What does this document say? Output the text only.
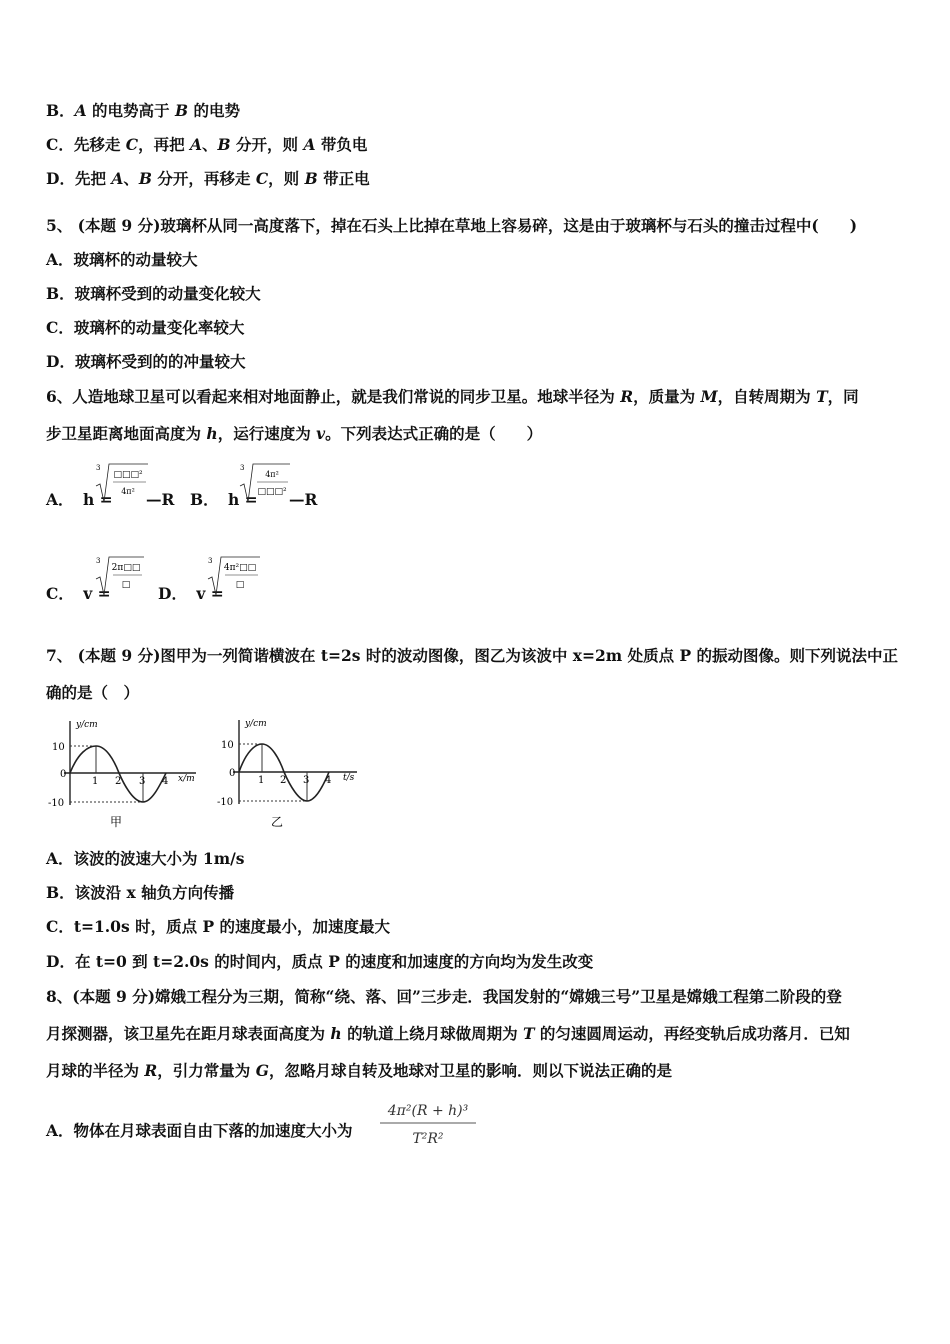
B．A 的电势高于 B 的电势
C．先移走 C，再把 A、B 分开，则 A 带负电
D．先把 A、B 分开，再移走 C，则 B 带正电
5、 (本题 9 分)玻璃杯从同一高度落下，掉在石头上比掉在草地上容易碎，这是由于玻璃杯与石头的撞击过程中(　　)
A．玻璃杯的动量较大
B．玻璃杯受到的动量变化较大
C．玻璃杯的动量变化率较大
D．玻璃杯受到的的冲量较大
6、人造地球卫星可以看起来相对地面静止，就是我们常说的同步卫星。地球半径为 R，质量为 M，自转周期为 T，同
步卫星距离地面高度为 h，运行速度为 v。下列表达式正确的是（　　）
A． h =
3
□□□²
4π² —R B． h =
3
4π²
□□□² —R
C． v =
3
2π□□
□ D． v =
3
4π²□□
□
7、 (本题 9 分)图甲为一列简谐横波在 t=2s 时的波动图像，图乙为该波中 x=2m 处质点 P 的振动图像。则下列说法中正
确的是（　）
y/cm
x/m
10
0
-10
1 2 3 4
甲
y/cm
t/s
10
0
-10
1 2 3 4
乙
A．该波的波速大小为 1m/s
B．该波沿 x 轴负方向传播
C．t=1.0s 时，质点 P 的速度最小，加速度最大
D．在 t=0 到 t=2.0s 的时间内，质点 P 的速度和加速度的方向均为发生改变
8、(本题 9 分)嫦娥工程分为三期，简称“绕、落、回”三步走．我国发射的“嫦娥三号”卫星是嫦娥工程第二阶段的登
月探测器，该卫星先在距月球表面高度为 h 的轨道上绕月球做周期为 T 的匀速圆周运动，再经变轨后成功落月．已知
月球的半径为 R，引力常量为 G，忽略月球自转及地球对卫星的影响．则以下说法正确的是
A．物体在月球表面自由下落的加速度大小为
4π²(R + h)³
T²R²
